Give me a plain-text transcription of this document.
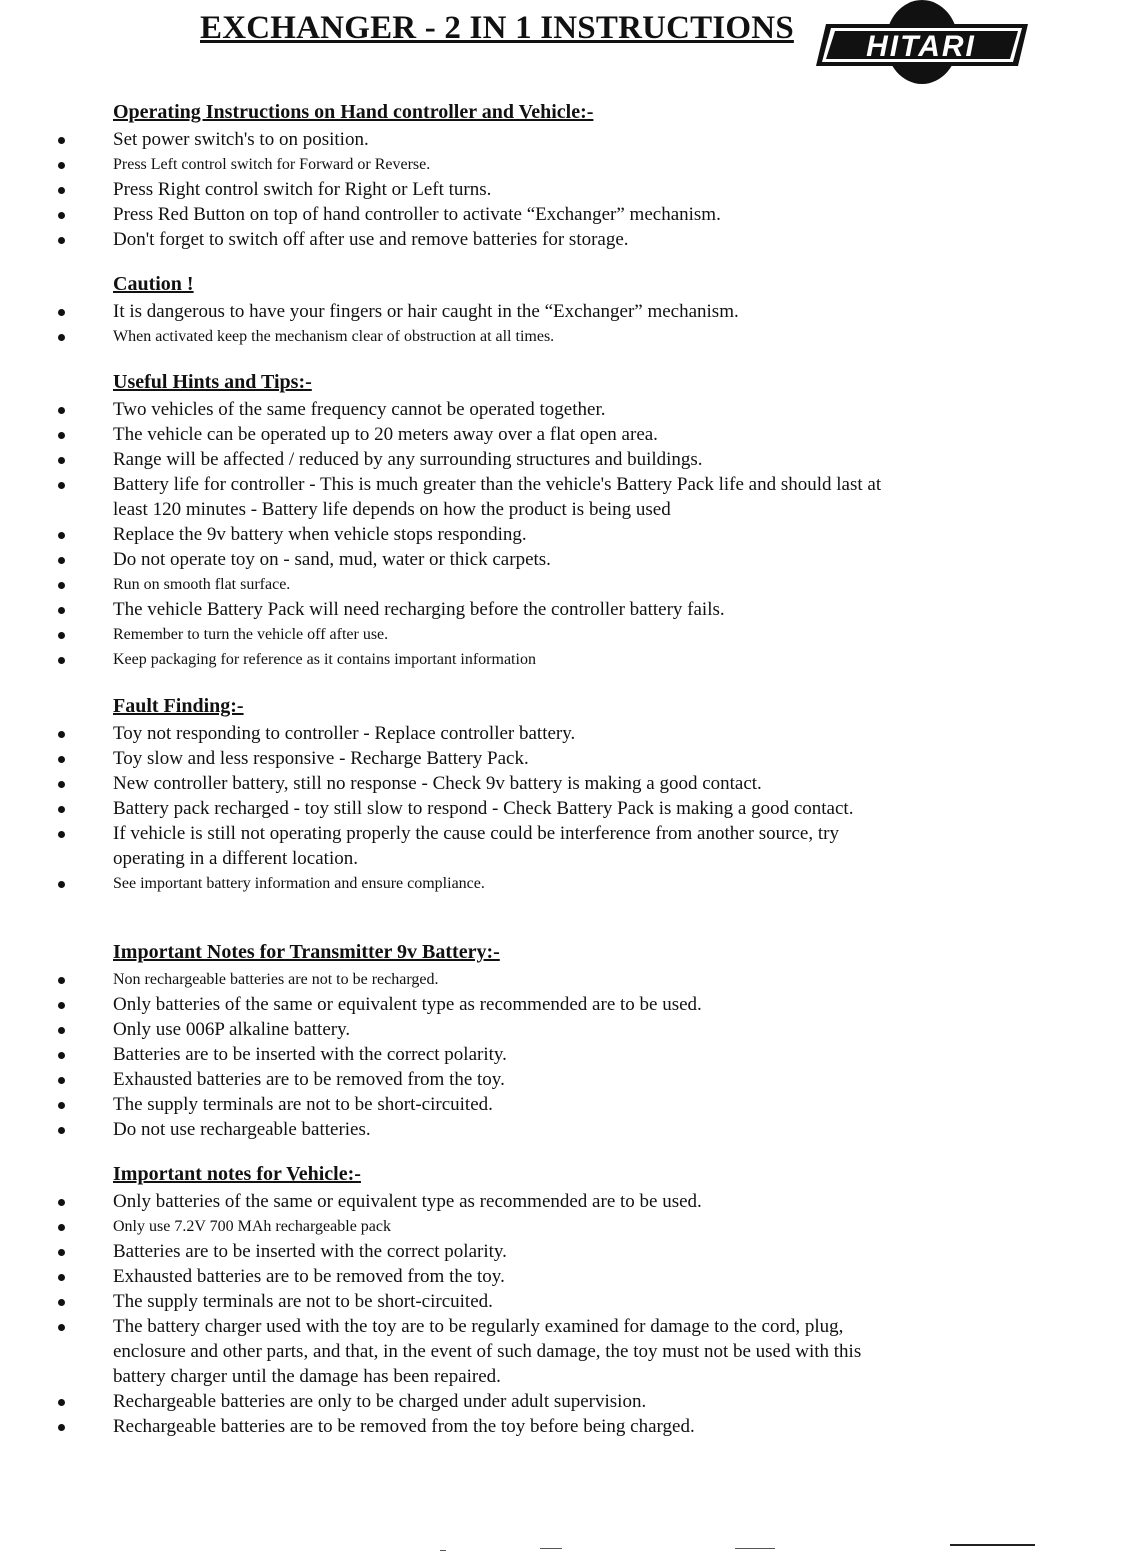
EXCHANGER - 2 IN 1 INSTRUCTIONS
HITARI
Operating Instructions on Hand controller and Vehicle:-
Set power switch's to on position.
Press Left control switch for Forward or Reverse.
Press Right control switch for Right or Left turns.
Press Red Button on top of hand controller to activate “Exchanger” mechanism.
Don't forget to switch off after use and remove batteries for storage.
Caution !
It is dangerous to have your fingers or hair caught in the “Exchanger” mechanism.
When activated keep the mechanism clear of obstruction at all times.
Useful Hints and Tips:-
Two vehicles of the same frequency cannot be operated together.
The vehicle can be operated up to 20 meters away over a flat open area.
Range will be affected / reduced by any surrounding structures and buildings.
Battery life for controller - This is much greater than the vehicle's Battery Pack life and should last at least 120 minutes - Battery life depends on how the product is being used
Replace the 9v battery when vehicle stops responding.
Do not operate toy on - sand, mud, water or thick carpets.
Run on smooth flat surface.
The vehicle Battery Pack will need recharging before the controller battery fails.
Remember to turn the vehicle off after use.
Keep packaging for reference as it contains important information
Fault Finding:-
Toy not responding to controller - Replace controller battery.
Toy slow and less responsive - Recharge Battery Pack.
New controller battery, still no response - Check 9v battery is making a good contact.
Battery pack recharged - toy still slow to respond - Check Battery Pack is making a good contact.
If vehicle is still not operating properly the cause could be interference from another source, try operating in a different location.
See important battery information and ensure compliance.
Important Notes for Transmitter 9v Battery:-
Non rechargeable batteries are not to be recharged.
Only batteries of the same or equivalent type as recommended are to be used.
Only use 006P alkaline battery.
Batteries are to be inserted with the correct polarity.
Exhausted batteries are to be removed from the toy.
The supply terminals are not to be short-circuited.
Do not use rechargeable batteries.
Important notes for Vehicle:-
Only batteries of the same or equivalent type as recommended are to be used.
Only use 7.2V 700 MAh rechargeable pack
Batteries are to be inserted with the correct polarity.
Exhausted batteries are to be removed from the toy.
The supply terminals are not to be short-circuited.
The battery charger used with the toy are to be regularly examined for damage to the cord, plug, enclosure and other parts, and that, in the event of such damage, the toy must not be used with this battery charger until the damage has been repaired.
Rechargeable batteries are only to be charged under adult supervision.
Rechargeable batteries are to be removed from the toy before being charged.
